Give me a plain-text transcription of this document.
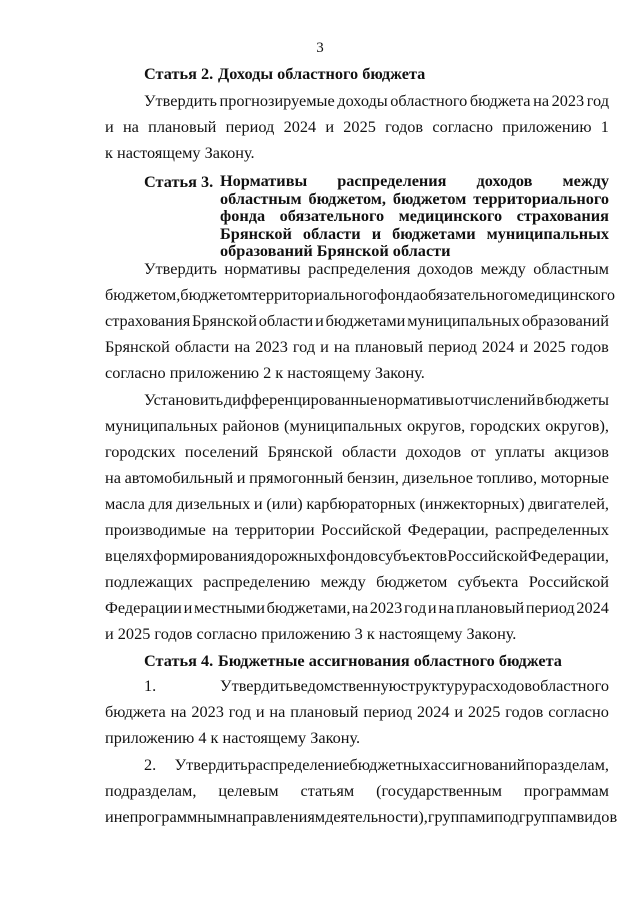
3
Статья 2. Доходы областного бюджета
Утвердить прогнозируемые доходы областного бюджета на 2023 год
и на плановый период 2024 и 2025 годов согласно приложению 1
к настоящему Закону.
Статья 3. Нормативы распределения доходов между областным бюджетом, бюджетом территориального фонда обязательного медицинского страхования Брянской области и бюджетами муниципальных образований Брянской области
Утвердить нормативы распределения доходов между областным
бюджетом, бюджетом территориального фонда обязательного медицинского
страхования Брянской области и бюджетами муниципальных образований
Брянской области на 2023 год и на плановый период 2024 и 2025 годов
согласно приложению 2 к настоящему Закону.
Установить дифференцированные нормативы отчислений в бюджеты
муниципальных районов (муниципальных округов, городских округов),
городских поселений Брянской области доходов от уплаты акцизов
на автомобильный и прямогонный бензин, дизельное топливо, моторные
масла для дизельных и (или) карбюраторных (инжекторных) двигателей,
производимые на территории Российской Федерации, распределенных
в целях формирования дорожных фондов субъектов Российской Федерации,
подлежащих распределению между бюджетом субъекта Российской
Федерации и местными бюджетами, на 2023 год и на плановый период 2024
и 2025 годов согласно приложению 3 к настоящему Закону.
Статья 4. Бюджетные ассигнования областного бюджета
1.	Утвердить ведомственную структуру расходов областного
бюджета на 2023 год и на плановый период 2024 и 2025 годов согласно
приложению 4 к настоящему Закону.
2.	Утвердить распределение бюджетных ассигнований по разделам,
подразделам, целевым статьям (государственным программам
и непрограммным направлениям деятельности), группам и подгруппам видов
